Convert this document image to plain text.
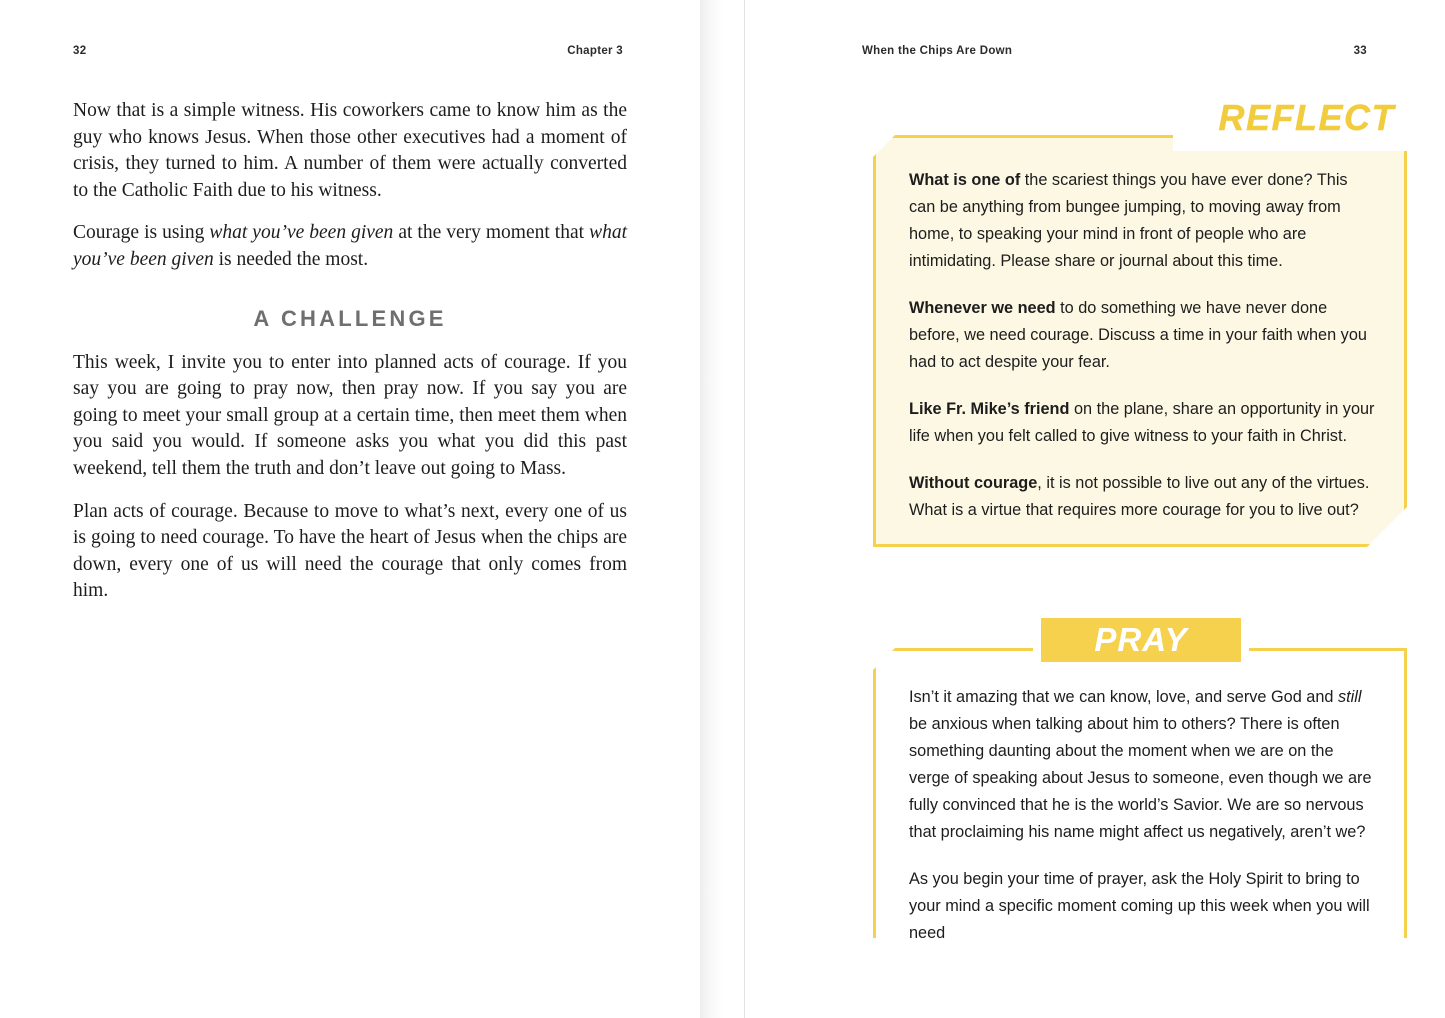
32	Chapter 3

Now that is a simple witness. His coworkers came to know him as the guy who knows Jesus. When those other executives had a moment of crisis, they turned to him. A number of them were actually converted to the Catholic Faith due to his witness.

Courage is using what you’ve been given at the very moment that what you’ve been given is needed the most.

A CHALLENGE

This week, I invite you to enter into planned acts of courage. If you say you are going to pray now, then pray now. If you say you are going to meet your small group at a certain time, then meet them when you said you would. If someone asks you what you did this past weekend, tell them the truth and don’t leave out going to Mass.

Plan acts of courage. Because to move to what’s next, every one of us is going to need courage. To have the heart of Jesus when the chips are down, every one of us will need the courage that only comes from him.

When the Chips Are Down	33
REFLECT

What is one of the scariest things you have ever done? This can be anything from bungee jumping, to moving away from home, to speaking your mind in front of people who are intimidating. Please share or journal about this time.

Whenever we need to do something we have never done before, we need courage. Discuss a time in your faith when you had to act despite your fear.

Like Fr. Mike’s friend on the plane, share an opportunity in your life when you felt called to give witness to your faith in Christ.

Without courage, it is not possible to live out any of the virtues. What is a virtue that requires more courage for you to live out?

PRAY

Isn’t it amazing that we can know, love, and serve God and still be anxious when talking about him to others? There is often something daunting about the moment when we are on the verge of speaking about Jesus to someone, even though we are fully convinced that he is the world’s Savior. We are so nervous that proclaiming his name might affect us negatively, aren’t we?

As you begin your time of prayer, ask the Holy Spirit to bring to your mind a specific moment coming up this week when you will need
